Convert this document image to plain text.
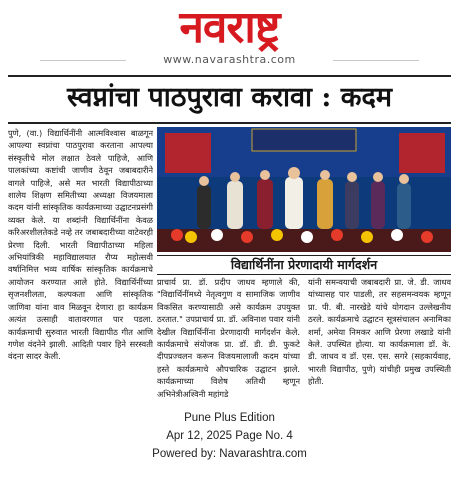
नवराष्ट्र
www.navarashtra.com
स्वप्नांचा पाठपुरावा करावा : कदम
पुणे, (वा.) विद्यार्थिनींनी आत्मविश्वास बाळगून आपल्या स्वप्नांचा पाठपुरावा करताना आपल्या संस्कृतीचे मोल लक्षात ठेवले पाहिजे, आणि पालकांच्या कष्टांची जाणीव ठेवून जबाबदारीने वागले पाहिजे, असे मत भारती विद्यापीठाच्या शालेय शिक्षण समितीच्या अध्यक्षा विजयमाला कदम यांनी सांस्कृतिक कार्यक्रमाच्या उद्घाटनप्रसंगी व्यक्त केले. या शब्दांनी विद्यार्थिनींना केवळ करिअरशीलतेकडे नव्हे तर जबाबदारीच्या वाटेवरही प्रेरणा दिली. भारती विद्यापीठाच्या महिला अभियांत्रिकी महाविद्यालयात रौप्य महोत्सवी वर्षानिमित्त भव्य वार्षिक सांस्कृतिक कार्यक्रमाचे आयोजन करण्यात आले होते. विद्यार्थिनींच्या सृजनशीलता, कल्पकता आणि सांस्कृतिक जाणिवा यांना वाव मिळवून देणारा हा कार्यक्रम अत्यंत उत्साही वातावरणात पार पडला. कार्यक्रमाची सुरुवात भारती विद्यापीठ गीत आणि गणेश वंदनेने झाली. आदिती पवार हिने सरस्वती वंदना सादर केली.
विद्यार्थिनींना प्रेरणादायी मार्गदर्शन
प्राचार्य प्रा. डॉ. प्रदीप जाधव म्हणाले की, "विद्यार्थिनींमध्ये नेतृत्वगुण व सामाजिक जाणीव विकसित करण्यासाठी असे कार्यक्रम उपयुक्त ठरतात." उपप्राचार्य प्रा. डॉ. अविनाश पवार यांनी देखील विद्यार्थिनींना प्रेरणादायी मार्गदर्शन केले. कार्यक्रमाचे संयोजक प्रा. डॉ. डी. डी. फुकटे दीपप्रज्वलन करून विजयमालाजी कदम यांच्या हस्ते कार्यक्रमाचे औपचारिक उद्घाटन झाले. कार्यक्रमाच्या विशेष अतिथी म्हणून अभिनेत्रीअश्विनी महांगडे
यांनी समन्वयाची जबाबदारी प्रा. जे. डी. जाधव यांच्यासह पार पाडली, तर सहसमन्वयक म्हणून प्रा. पी. बी. नारखेडे यांचे योगदान उल्लेखनीय ठरले. कार्यक्रमाचे उद्घाटन सूत्रसंचालन अनामिका शर्मा, अमेया निमकर आणि प्रेरणा लखाडे यांनी केले. उपस्थित होत्या. या कार्यक्रमाला डॉ. के. डी. जाधव व डॉ. एस. एस. सगरे (सहकार्यवाह, भारती विद्यापीठ, पुणे) यांचीही प्रमुख उपस्थिती होती.
Pune Plus Edition
Apr 12, 2025 Page No. 4
Powered by: Navarashtra.com
